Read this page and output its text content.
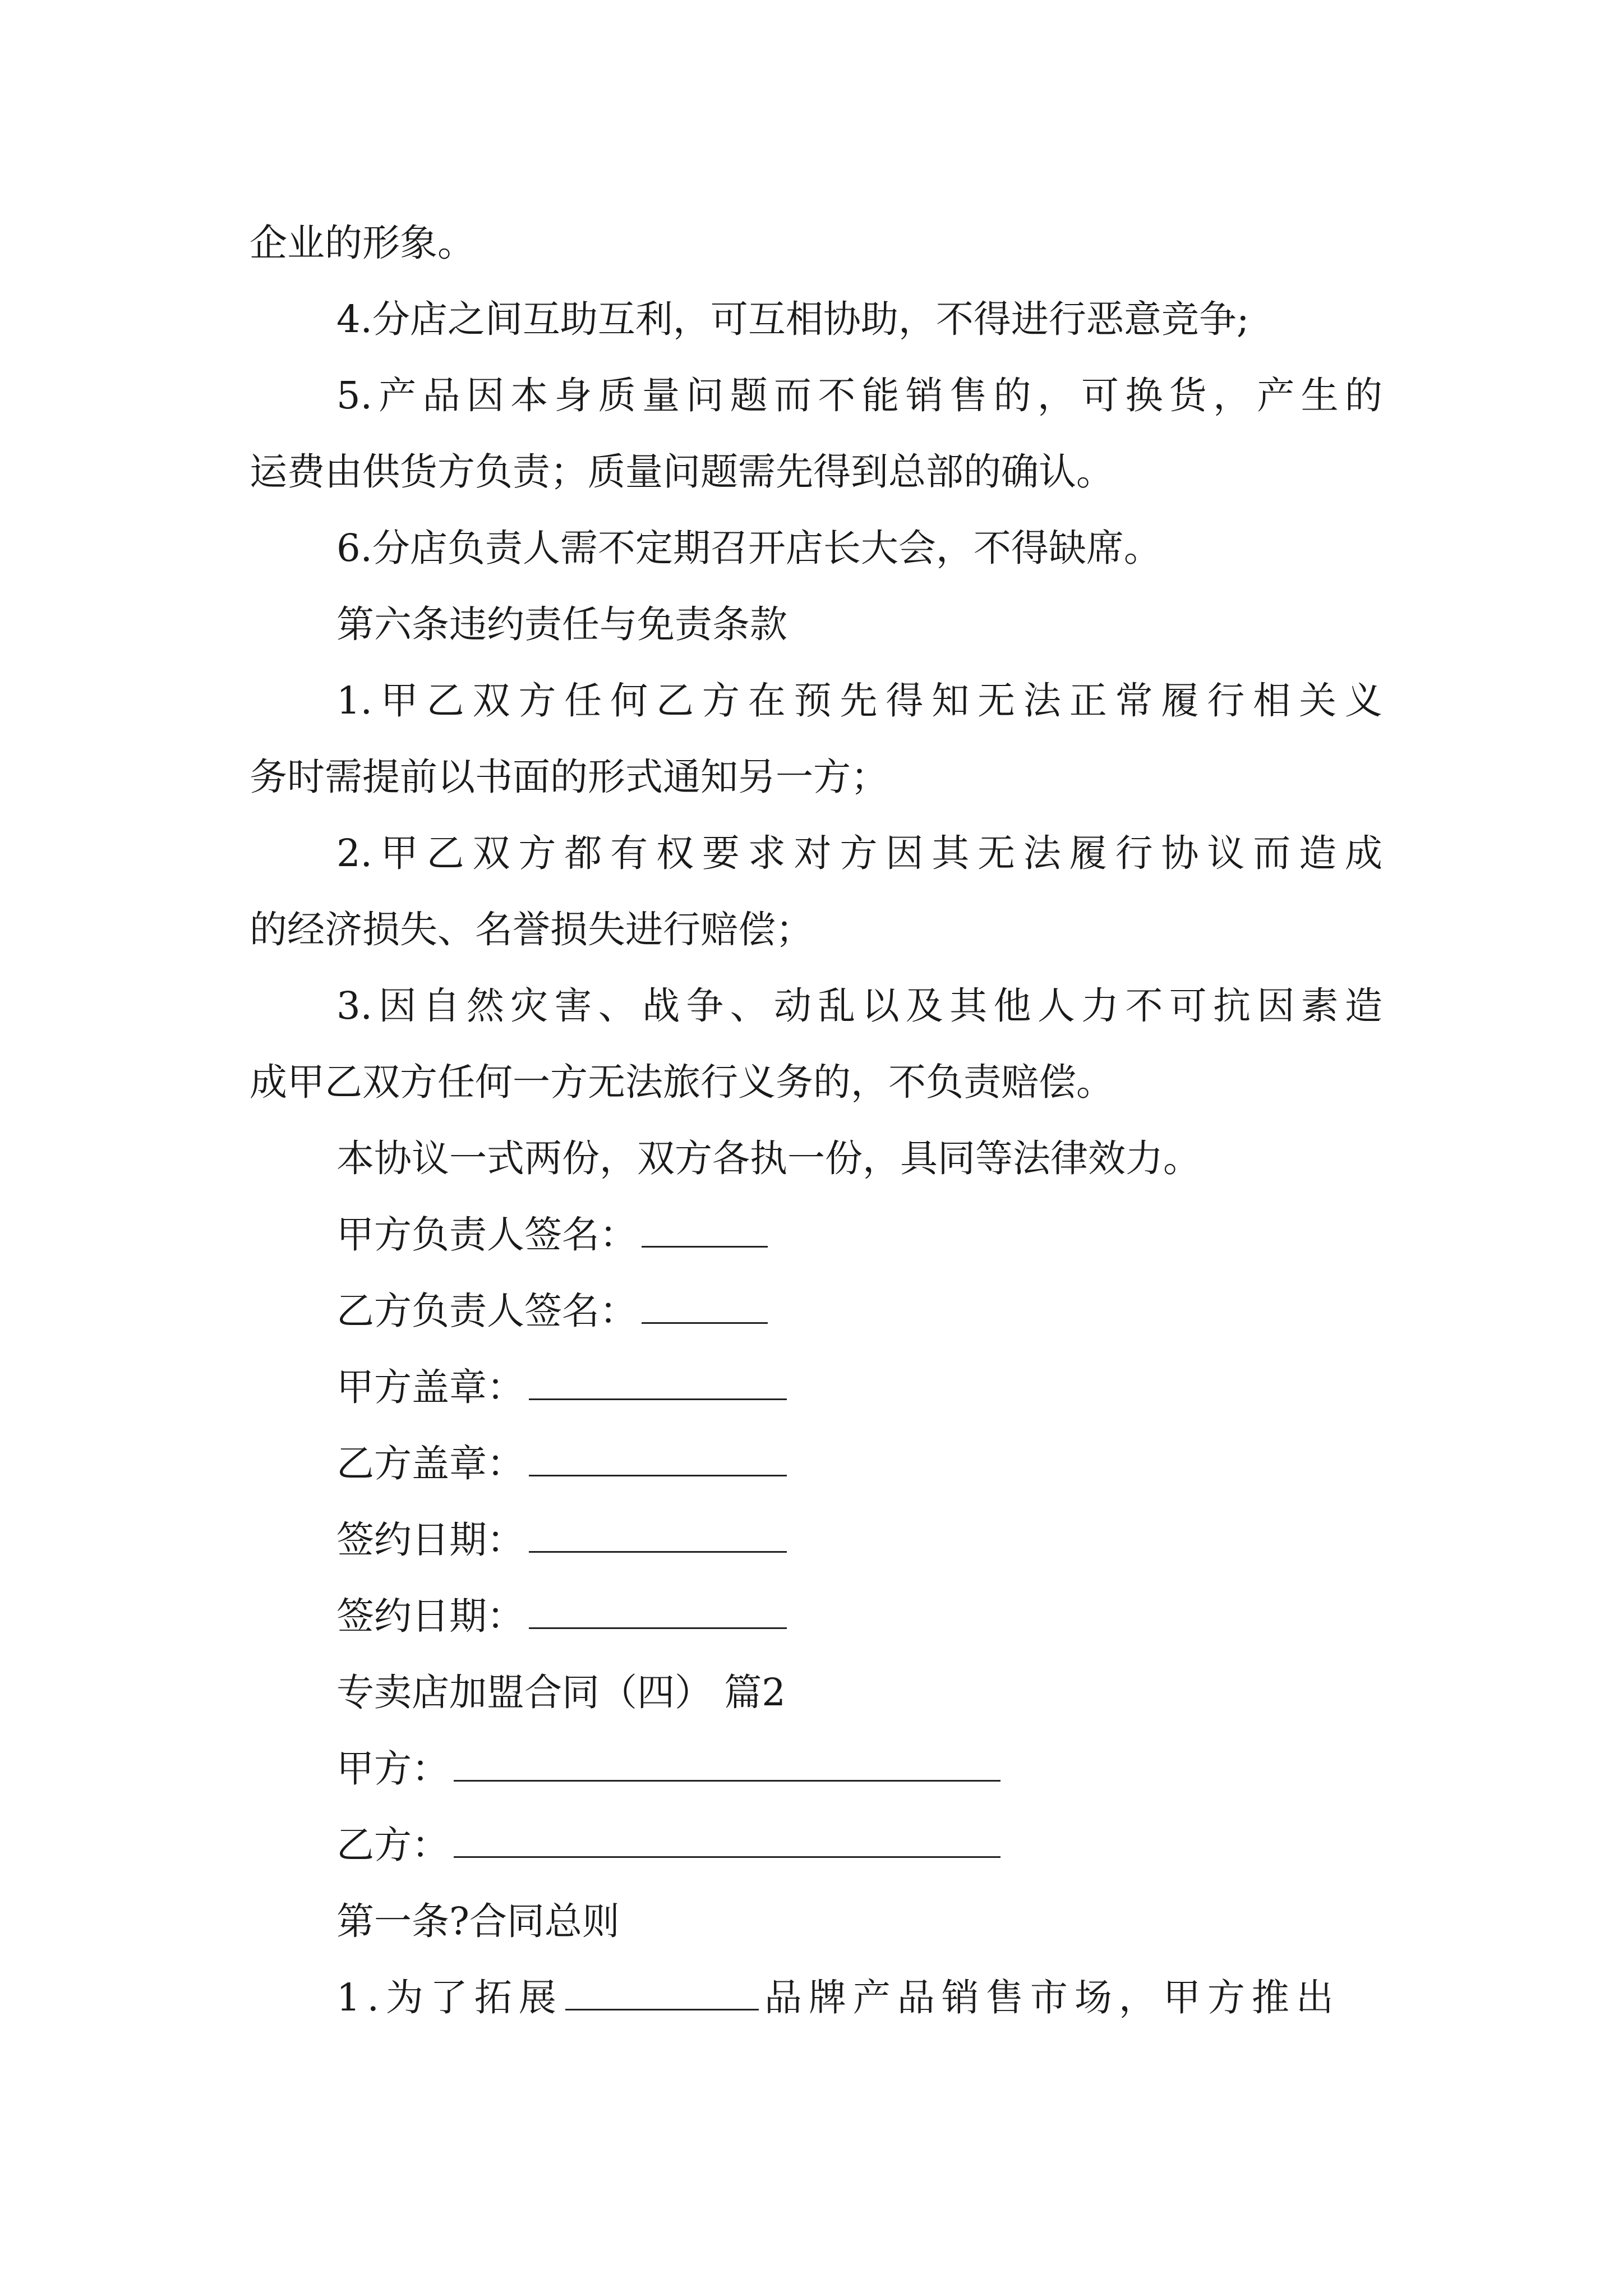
企业的形象。
4.分店之间互助互利，可互相协助，不得进行恶意竞争;
5.产品因本身质量问题而不能销售的，可换货，产生的
运费由供货方负责；质量问题需先得到总部的确认。
6.分店负责人需不定期召开店长大会，不得缺席。
第六条违约责任与免责条款
1.甲乙双方任何乙方在预先得知无法正常履行相关义
务时需提前以书面的形式通知另一方；
2.甲乙双方都有权要求对方因其无法履行协议而造成
的经济损失、名誉损失进行赔偿；
3.因自然灾害、战争、动乱以及其他人力不可抗因素造
成甲乙双方任何一方无法旅行义务的，不负责赔偿。
本协议一式两份，双方各执一份，具同等法律效力。
甲方负责人签名：
乙方负责人签名：
甲方盖章：
乙方盖章：
签约日期：
签约日期：
专卖店加盟合同（四） 篇2
甲方：
乙方：
第一条?合同总则
1.为了拓展	品牌产品销售市场，甲方推出
